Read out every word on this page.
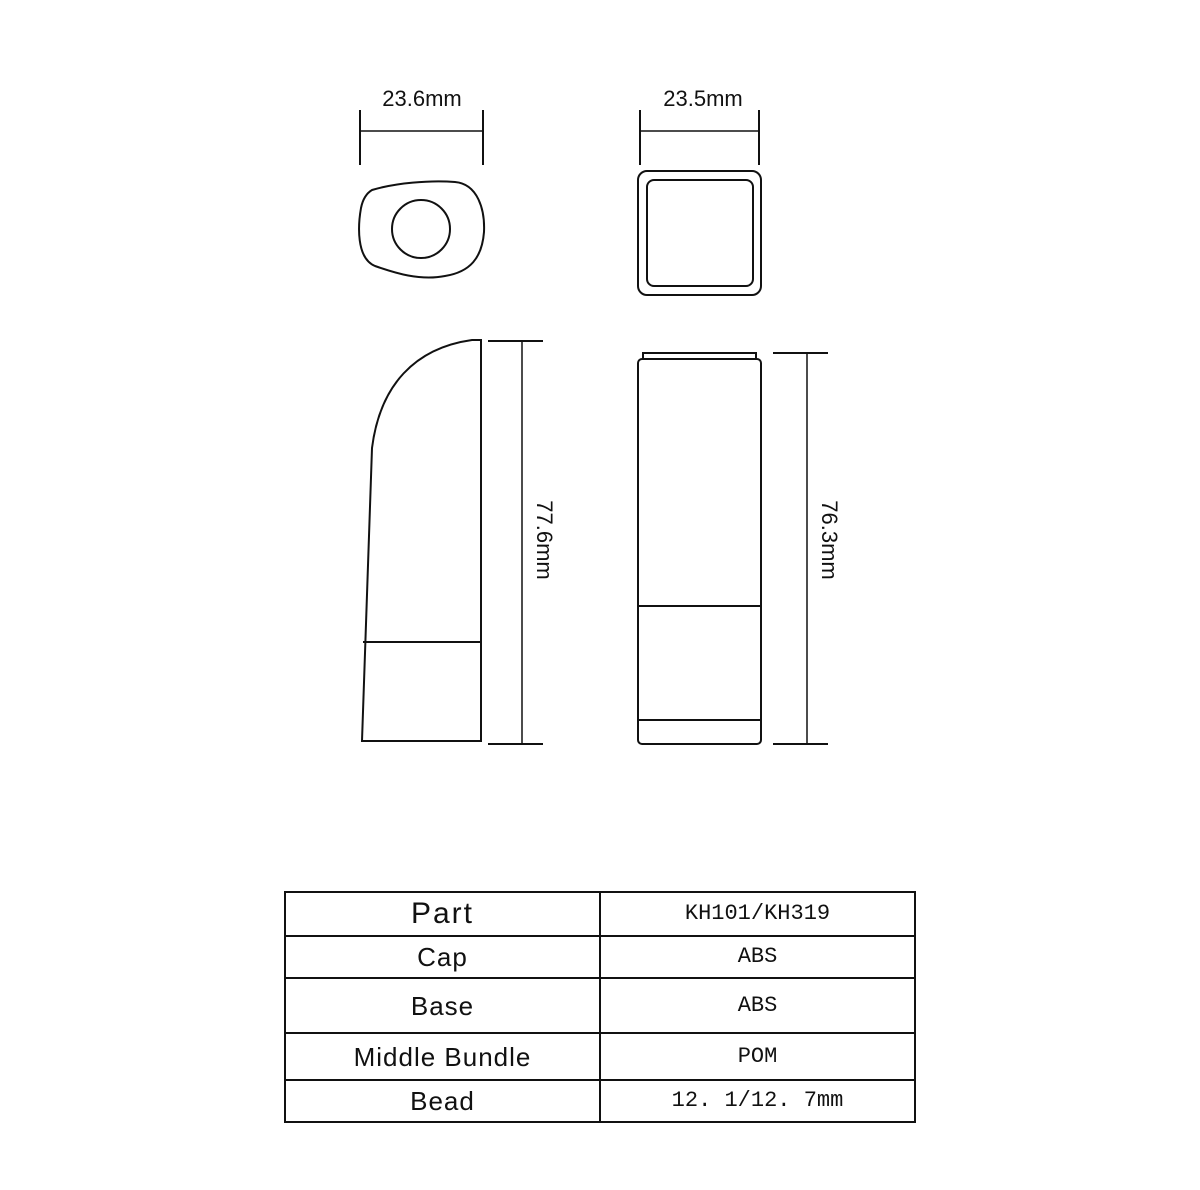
23.6mm	23.5mm
77.6mm	76.3mm
Part	KH101/KH319
Cap	ABS
Base	ABS
Middle Bundle	POM
Bead	12. 1/12. 7mm
